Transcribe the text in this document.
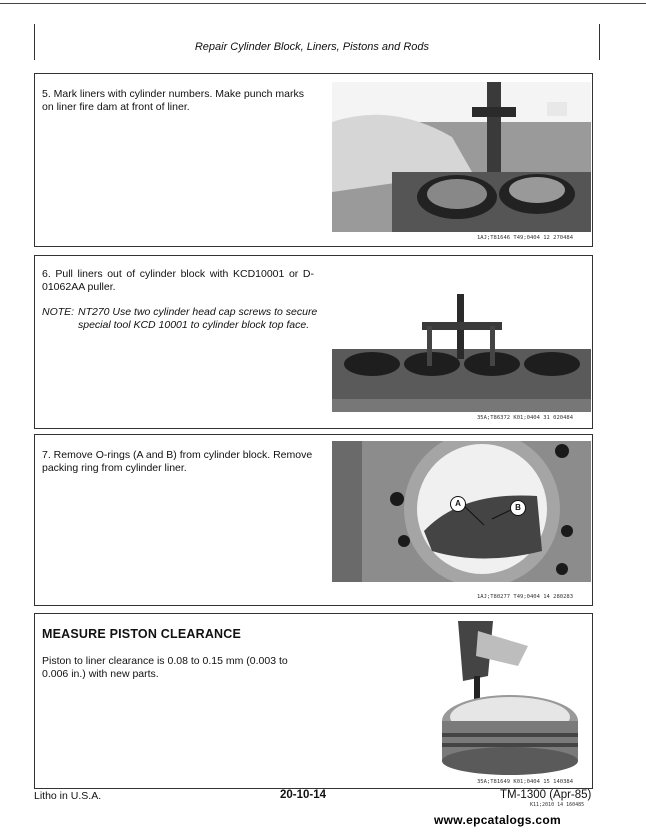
Repair Cylinder Block, Liners, Pistons and Rods
5. Mark liners with cylinder numbers. Make punch marks on liner fire dam at front of liner.
1AJ;T81646 T49;0404 12 270484
6. Pull liners out of cylinder block with KCD10001 or D-01062AA puller.
NOTE: NT270 Use two cylinder head cap screws to secure
special tool KCD 10001 to cylinder block top face.
35A;T86372 K01;0404 31 020484
7. Remove O-rings (A and B) from cylinder block. Remove packing ring from cylinder liner.
A	B
1AJ;T80277 T49;0404 14 280283
MEASURE PISTON CLEARANCE
Piston to liner clearance is 0.08 to 0.15 mm (0.003 to 0.006 in.) with new parts.
35A;T81649 K01;0404 15 140384
Litho in U.S.A.	20-10-14	TM-1300 (Apr-85)
K11;2010 14 160485
www.epcatalogs.com
